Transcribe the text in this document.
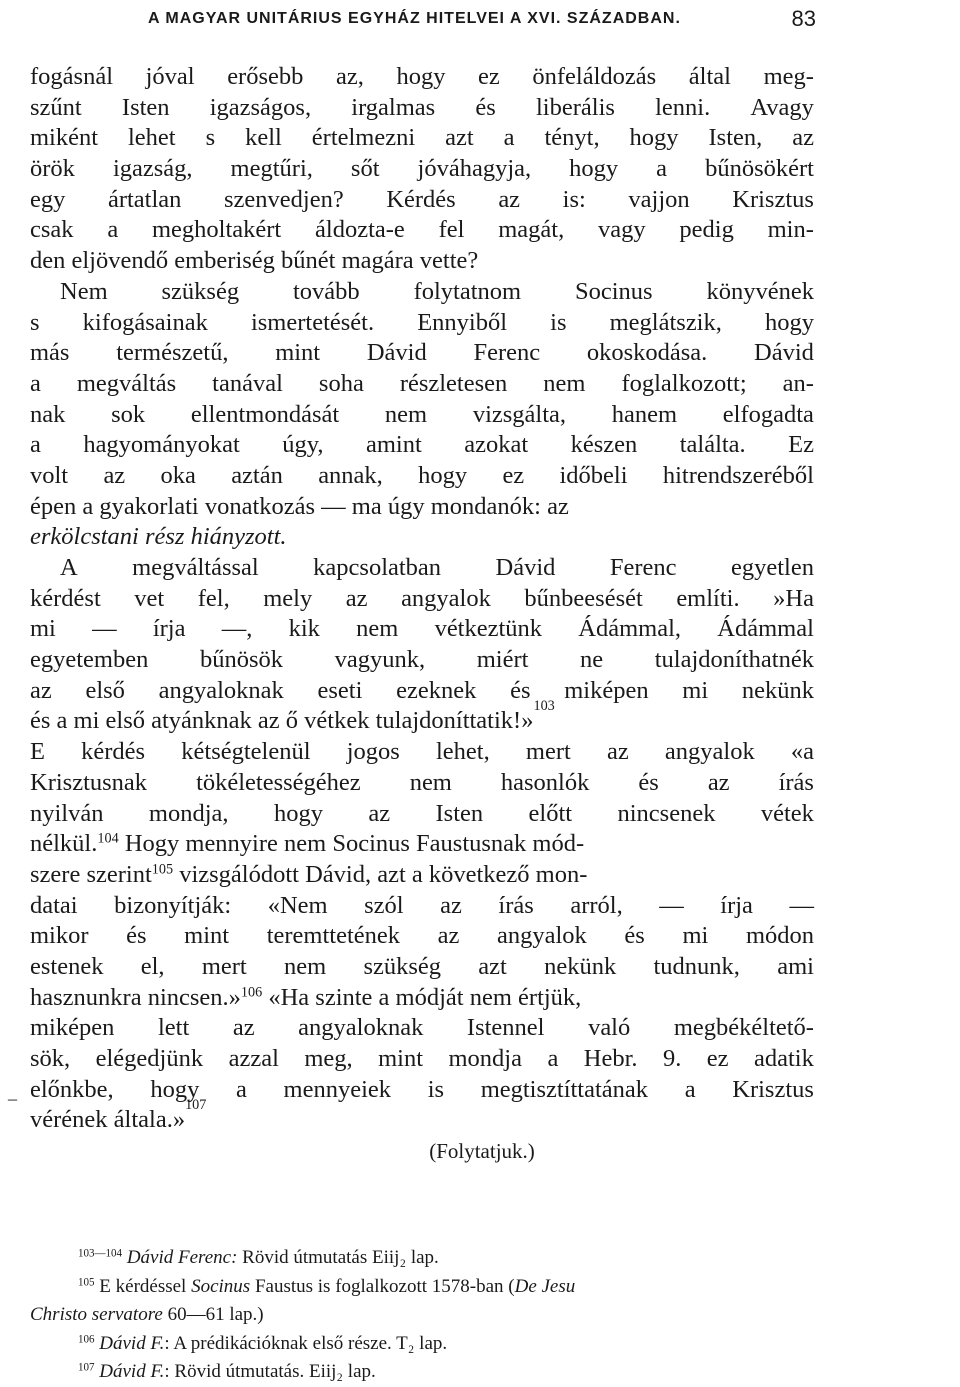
A MAGYAR UNITÁRIUS EGYHÁZ HITELVEI A XVI. SZÁZADBAN.	83
fogásnál jóval erősebb az, hogy ez önfeláldozás által meg-
szűnt Isten igazságos, irgalmas és liberális lenni. Avagy
miként lehet s kell értelmezni azt a tényt, hogy Isten, az
örök igazság, megtűri, sőt jóváhagyja, hogy a bűnösökért
egy ártatlan szenvedjen? Kérdés az is: vajjon Krisztus
csak a megholtakért áldozta-e fel magát, vagy pedig min-
den eljövendő emberiség bűnét magára vette?
Nem szükség tovább folytatnom Socinus könyvének
s kifogásainak ismertetését. Ennyiből is meglátszik, hogy
más természetű, mint Dávid Ferenc okoskodása. Dávid
a megváltás tanával soha részletesen nem foglalkozott; an-
nak sok ellentmondását nem vizsgálta, hanem elfogadta
a hagyományokat úgy, amint azokat készen találta. Ez
volt az oka aztán annak, hogy ez időbeli hitrendszeréből
épen a gyakorlati vonatkozás — ma úgy mondanók: az
erkölcstani rész hiányzott.
A megváltással kapcsolatban Dávid Ferenc egyetlen
kérdést vet fel, mely az angyalok bűnbeesését említi. »Ha
mi — írja —, kik nem vétkeztünk Ádámmal, Ádámmal
egyetemben bűnösök vagyunk, miért ne tulajdoníthatnék
az első angyaloknak eseti ezeknek és miképen mi nekünk
és a mi első atyánknak az ő vétkek tulajdoníttatik!»
103
E kérdés kétségtelenül jogos lehet, mert az angyalok «a
Krisztusnak tökéletességéhez nem hasonlók és az írás
nyilván mondja, hogy az Isten előtt nincsenek vétek
nélkül.$^{104}$ Hogy mennyire nem Socinus Faustusnak mód-
szere szerint$^{105}$ vizsgálódott Dávid, azt a következő mon-
datai bizonyítják: «Nem szól az írás arról, — írja —
mikor és mint teremttetének az angyalok és mi módon
estenek el, mert nem szükség azt nekünk tudnunk, ami
hasznunkra nincsen.»$^{106}$ «Ha szinte a módját nem értjük,
miképen lett az angyaloknak Istennel való megbékéltető-
sök, elégedjünk azzal meg, mint mondja a Hebr. 9. ez adatik
előnkbe, hogy a mennyeiek is megtisztíttatának a Krisztus
vérének általa.»
107
(Folytatjuk.)
_
$^{103—104}$ Dávid Ferenc: Rövid útmutatás Eiij₂ lap.
$^{105}$ E kérdéssel Socinus Faustus is foglalkozott 1578-ban (De Jesu
Christo servatore 60—61 lap.)
$^{106}$ Dávid F.: A prédikációknak első része. T₂ lap.
$^{107}$ Dávid F.: Rövid útmutatás. Eiij₂ lap.
